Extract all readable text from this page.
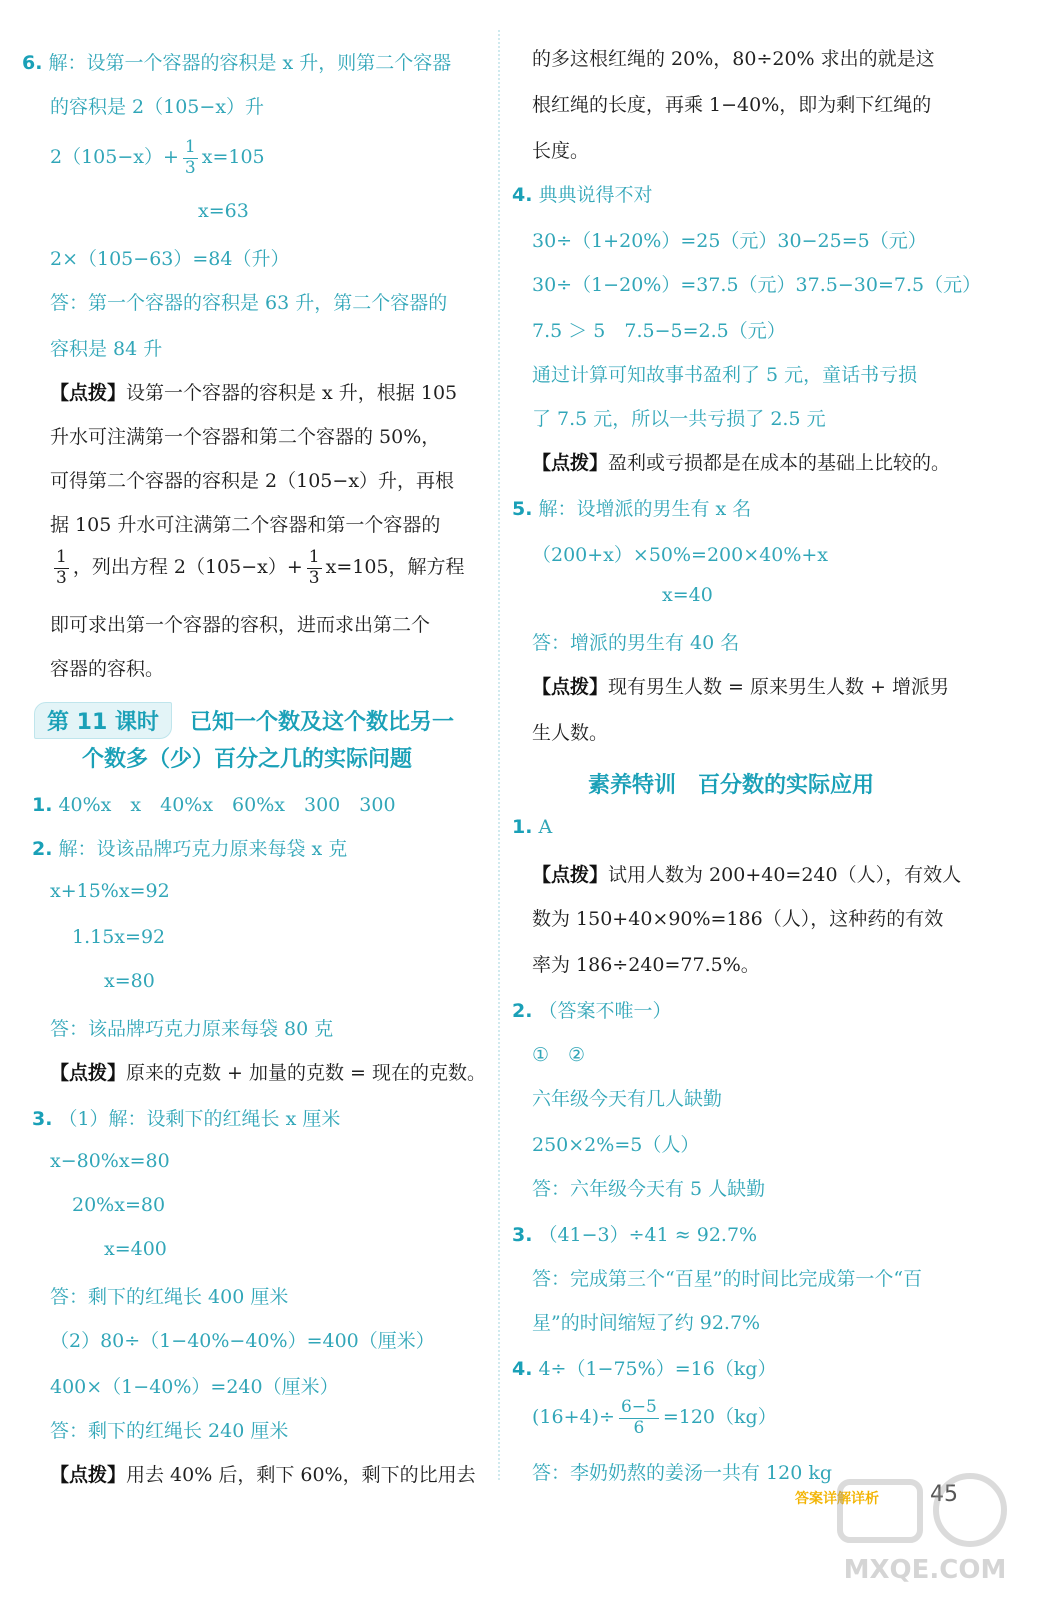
6. 解：设第一个容器的容积是 x 升，则第二个容器
的容积是 2（105−x）升
$2(105-x)+ \frac{1}{3} x=105$
x=63
2×（105−63）=84（升）
答：第一个容器的容积是 63 升，第二个容器的
容积是 84 升
【点拨】设第一个容器的容积是 x 升，根据 105
升水可注满第一个容器和第二个容器的 50%，
可得第二个容器的容积是 2（105−x）升，再根
据 105 升水可注满第二个容器和第一个容器的
$\frac{1}{3}$ ，列出方程 $2(105-x)+ \frac{1}{3} x=105$，解方程
即可求出第一个容器的容积，进而求出第二个
容器的容积。
第 11 课时 已知一个数及这个数比另一
个数多（少）百分之几的实际问题
1. 40%x　x　40%x　60%x　300　300
2. 解：设该品牌巧克力原来每袋 x 克
x+15%x=92
1.15x=92
x=80
答：该品牌巧克力原来每袋 80 克
【点拨】原来的克数 + 加量的克数 = 现在的克数。
3. （1）解：设剩下的红绳长 x 厘米
x−80%x=80
20%x=80
x=400
答：剩下的红绳长 400 厘米
（2）80÷（1−40%−40%）=400（厘米）
400×（1−40%）=240（厘米）
答：剩下的红绳长 240 厘米
【点拨】用去 40% 后，剩下 60%，剩下的比用去
的多这根红绳的 20%，80÷20% 求出的就是这
根红绳的长度，再乘 1−40%，即为剩下红绳的
长度。
4. 典典说得不对
30÷（1+20%）=25（元）30−25=5（元）
30÷（1−20%）=37.5（元）37.5−30=7.5（元）
7.5 ＞ 5　7.5−5=2.5（元）
通过计算可知故事书盈利了 5 元，童话书亏损
了 7.5 元，所以一共亏损了 2.5 元
【点拨】盈利或亏损都是在成本的基础上比较的。
5. 解：设增派的男生有 x 名
（200+x）×50%=200×40%+x
x=40
答：增派的男生有 40 名
【点拨】现有男生人数 = 原来男生人数 + 增派男
生人数。
素养特训　百分数的实际应用
1. A
【点拨】试用人数为 200+40=240（人），有效人
数为 150+40×90%=186（人），这种药的有效
率为 186÷240=77.5%。
2. （答案不唯一）
①　②
六年级今天有几人缺勤
250×2%=5（人）
答：六年级今天有 5 人缺勤
3. （41−3）÷41 ≈ 92.7%
答：完成第三个“百星”的时间比完成第一个“百
星”的时间缩短了约 92.7%
4. 4÷（1−75%）=16（kg）
$(16+4)\div \frac{6-5}{6} =120(kg)$
答：李奶奶熬的姜汤一共有 120 kg
答案详解详析 45
MXQE.COM
